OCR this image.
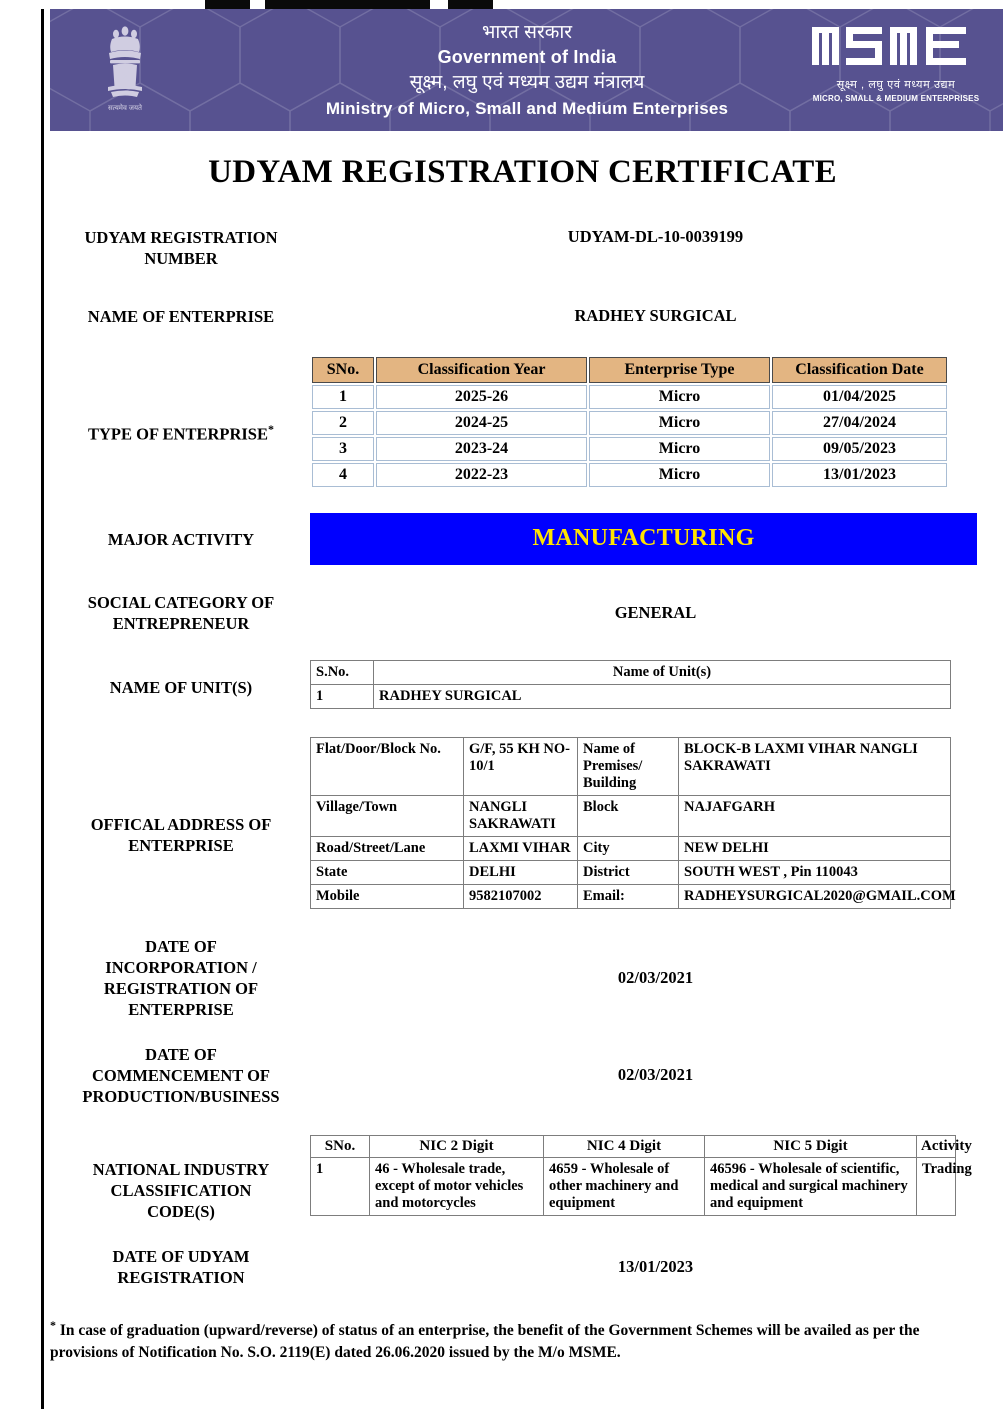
सत्यमेव जयते
भारत सरकार
Government of India
सूक्ष्म, लघु एवं मध्यम उद्यम मंत्रालय
Ministry of Micro, Small and Medium Enterprises
सूक्ष्म , लघु एवं मध्यम उद्यम
MICRO, SMALL & MEDIUM ENTERPRISES
UDYAM REGISTRATION CERTIFICATE
UDYAM REGISTRATION NUMBER
UDYAM-DL-10-0039199
NAME OF ENTERPRISE	RADHEY SURGICAL
TYPE OF ENTERPRISE*
SNo.	Classification Year	Enterprise Type	Classification Date
1	2025-26	Micro	01/04/2025
2	2024-25	Micro	27/04/2024
3	2023-24	Micro	09/05/2023
4	2022-23	Micro	13/01/2023
MAJOR ACTIVITY	MANUFACTURING
SOCIAL CATEGORY OF
ENTREPRENEUR
GENERAL
NAME OF UNIT(S)
S.No.	Name of Unit(s)	
1	RADHEY SURGICAL	
OFFICAL ADDRESS OF
ENTERPRISE
Flat/Door/Block No.	G/F, 55 KH NO-10/1	Name of Premises/ Building	BLOCK-B LAXMI VIHAR NANGLI SAKRAWATI
Village/Town	NANGLI SAKRAWATI	Block	NAJAFGARH
Road/Street/Lane	LAXMI VIHAR	City	NEW DELHI
State	DELHI	District	SOUTH WEST , Pin 110043
Mobile	9582107002	Email:	RADHEYSURGICAL2020@GMAIL.COM
DATE OF
INCORPORATION /
REGISTRATION OF
ENTERPRISE
02/03/2021
DATE OF
COMMENCEMENT OF
PRODUCTION/BUSINESS
02/03/2021
NATIONAL INDUSTRY
CLASSIFICATION
CODE(S)
SNo.	NIC 2 Digit	NIC 4 Digit	NIC 5 Digit	Activity
1	46 - Wholesale trade, except of motor vehicles and motorcycles	4659 - Wholesale of other machinery and equipment	46596 - Wholesale of scientific, medical and surgical machinery and equipment	Trading
DATE OF UDYAM
REGISTRATION
13/01/2023
* In case of graduation (upward/reverse) of status of an enterprise, the benefit of the Government Schemes will be availed as per the provisions of Notification No. S.O. 2119(E) dated 26.06.2020 issued by the M/o MSME.
